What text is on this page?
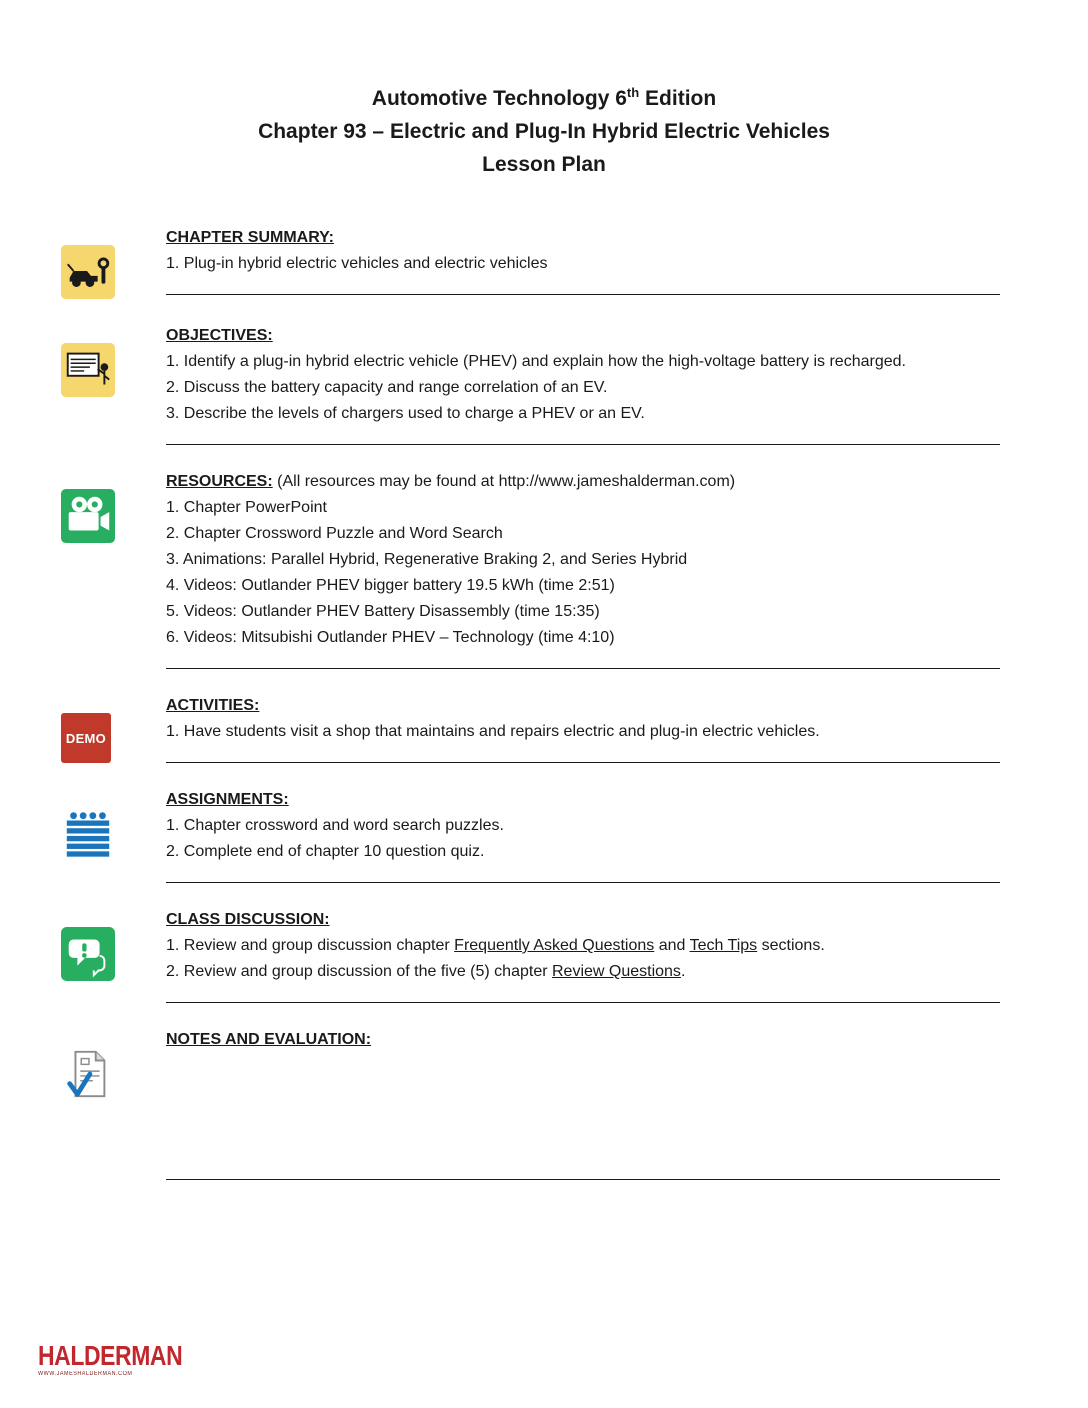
Automotive Technology 6th Edition
Chapter 93 – Electric and Plug-In Hybrid Electric Vehicles
Lesson Plan
CHAPTER SUMMARY:
1. Plug-in hybrid electric vehicles and electric vehicles
OBJECTIVES:
1. Identify a plug-in hybrid electric vehicle (PHEV) and explain how the high-voltage battery is recharged.
2. Discuss the battery capacity and range correlation of an EV.
3. Describe the levels of chargers used to charge a PHEV or an EV.
RESOURCES: (All resources may be found at http://www.jameshalderman.com)
1. Chapter PowerPoint
2. Chapter Crossword Puzzle and Word Search
3. Animations: Parallel Hybrid, Regenerative Braking 2, and Series Hybrid
4. Videos: Outlander PHEV bigger battery 19.5 kWh (time 2:51)
5. Videos: Outlander PHEV Battery Disassembly (time 15:35)
6. Videos: Mitsubishi Outlander PHEV – Technology (time 4:10)
DEMO
ACTIVITIES:
1. Have students visit a shop that maintains and repairs electric and plug-in electric vehicles.
ASSIGNMENTS:
1. Chapter crossword and word search puzzles.
2. Complete end of chapter 10 question quiz.
CLASS DISCUSSION:
1. Review and group discussion chapter Frequently Asked Questions and Tech Tips sections.
2. Review and group discussion of the five (5) chapter Review Questions.
NOTES AND EVALUATION:
HALDERMAN
WWW.JAMESHALDERMAN.COM
